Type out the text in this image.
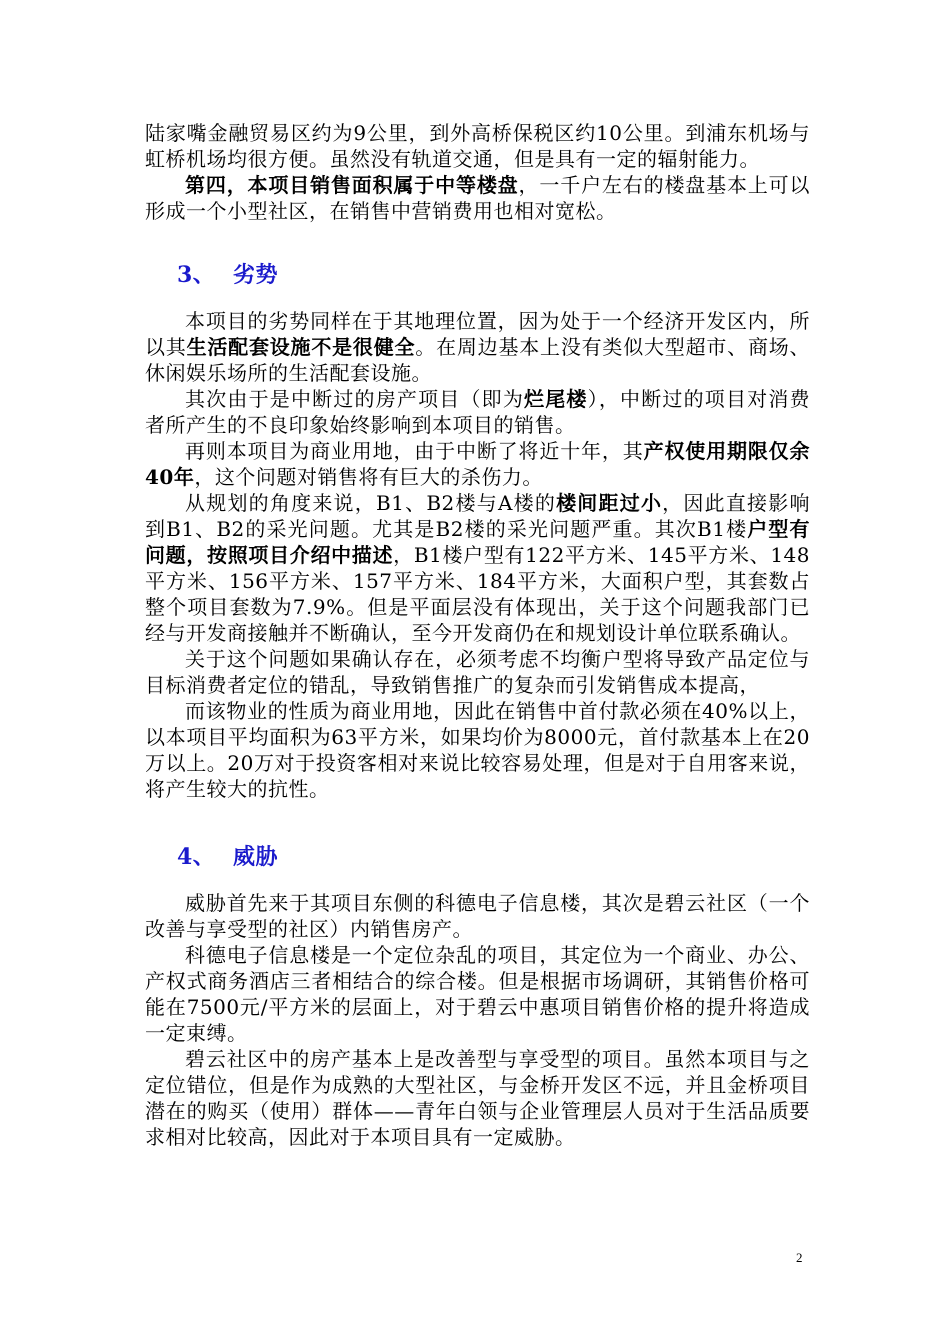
陆家嘴金融贸易区约为9公里，到外高桥保税区约10公里。到浦东机场与虹桥机场均很方便。虽然没有轨道交通，但是具有一定的辐射能力。

第四，本项目销售面积属于中等楼盘，一千户左右的楼盘基本上可以形成一个小型社区，在销售中营销费用也相对宽松。

3、 劣势

本项目的劣势同样在于其地理位置，因为处于一个经济开发区内，所以其生活配套设施不是很健全。在周边基本上没有类似大型超市、商场、休闲娱乐场所的生活配套设施。

其次由于是中断过的房产项目（即为烂尾楼），中断过的项目对消费者所产生的不良印象始终影响到本项目的销售。

再则本项目为商业用地，由于中断了将近十年，其产权使用期限仅余40年，这个问题对销售将有巨大的杀伤力。

从规划的角度来说，B1、B2楼与A楼的楼间距过小，因此直接影响到B1、B2的采光问题。尤其是B2楼的采光问题严重。其次B1楼户型有问题，按照项目介绍中描述，B1楼户型有122平方米、145平方米、148平方米、156平方米、157平方米、184平方米，大面积户型，其套数占整个项目套数为7.9%。但是平面层没有体现出，关于这个问题我部门已经与开发商接触并不断确认，至今开发商仍在和规划设计单位联系确认。

关于这个问题如果确认存在，必须考虑不均衡户型将导致产品定位与目标消费者定位的错乱，导致销售推广的复杂而引发销售成本提高，

而该物业的性质为商业用地，因此在销售中首付款必须在40%以上，以本项目平均面积为63平方米，如果均价为8000元，首付款基本上在20万以上。20万对于投资客相对来说比较容易处理，但是对于自用客来说，将产生较大的抗性。

4、 威胁

威胁首先来于其项目东侧的科德电子信息楼，其次是碧云社区（一个改善与享受型的社区）内销售房产。

科德电子信息楼是一个定位杂乱的项目，其定位为一个商业、办公、产权式商务酒店三者相结合的综合楼。但是根据市场调研，其销售价格可能在7500元/平方米的层面上，对于碧云中惠项目销售价格的提升将造成一定束缚。

碧云社区中的房产基本上是改善型与享受型的项目。虽然本项目与之定位错位，但是作为成熟的大型社区，与金桥开发区不远，并且金桥项目潜在的购买（使用）群体——青年白领与企业管理层人员对于生活品质要求相对比较高，因此对于本项目具有一定威胁。

2
